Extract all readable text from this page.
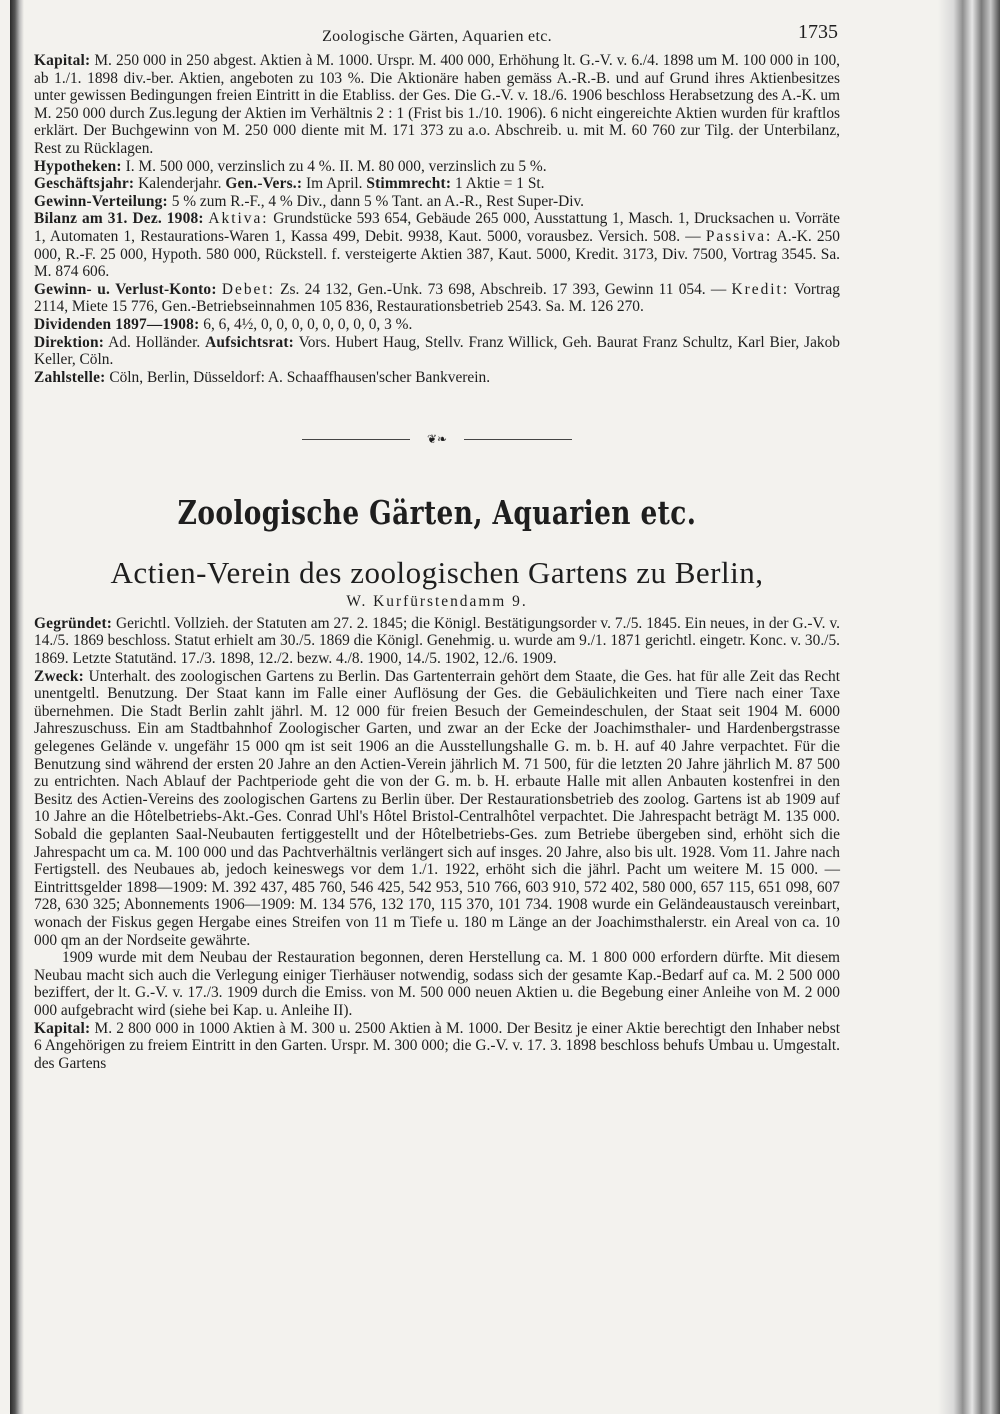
Zoologische Gärten, Aquarien etc.	1735

Kapital: M. 250 000 in 250 abgest. Aktien à M. 1000. Urspr. M. 400 000, Erhöhung lt. G.-V. v. 6./4. 1898 um M. 100 000 in 100, ab 1./1. 1898 div.-ber. Aktien, angeboten zu 103 %. Die Aktionäre haben gemäss A.-R.-B. und auf Grund ihres Aktienbesitzes unter gewissen Bedingungen freien Eintritt in die Etabliss. der Ges. Die G.-V. v. 18./6. 1906 beschloss Herabsetzung des A.-K. um M. 250 000 durch Zus.legung der Aktien im Verhältnis 2 : 1 (Frist bis 1./10. 1906). 6 nicht eingereichte Aktien wurden für kraftlos erklärt. Der Buchgewinn von M. 250 000 diente mit M. 171 373 zu a.o. Abschreib. u. mit M. 60 760 zur Tilg. der Unterbilanz, Rest zu Rücklagen.

Hypotheken: I. M. 500 000, verzinslich zu 4 %. II. M. 80 000, verzinslich zu 5 %.

Geschäftsjahr: Kalenderjahr. Gen.-Vers.: Im April. Stimmrecht: 1 Aktie = 1 St.

Gewinn-Verteilung: 5 % zum R.-F., 4 % Div., dann 5 % Tant. an A.-R., Rest Super-Div.

Bilanz am 31. Dez. 1908: Aktiva: Grundstücke 593 654, Gebäude 265 000, Ausstattung 1, Masch. 1, Drucksachen u. Vorräte 1, Automaten 1, Restaurations-Waren 1, Kassa 499, Debit. 9938, Kaut. 5000, vorausbez. Versich. 508. — Passiva: A.-K. 250 000, R.-F. 25 000, Hypoth. 580 000, Rückstell. f. versteigerte Aktien 387, Kaut. 5000, Kredit. 3173, Div. 7500, Vortrag 3545. Sa. M. 874 606.

Gewinn- u. Verlust-Konto: Debet: Zs. 24 132, Gen.-Unk. 73 698, Abschreib. 17 393, Gewinn 11 054. — Kredit: Vortrag 2114, Miete 15 776, Gen.-Betriebseinnahmen 105 836, Restaurationsbetrieb 2543. Sa. M. 126 270.

Dividenden 1897—1908: 6, 6, 4½, 0, 0, 0, 0, 0, 0, 0, 0, 3 %.

Direktion: Ad. Holländer. Aufsichtsrat: Vors. Hubert Haug, Stellv. Franz Willick, Geh. Baurat Franz Schultz, Karl Bier, Jakob Keller, Cöln.

Zahlstelle: Cöln, Berlin, Düsseldorf: A. Schaaffhausen'scher Bankverein.

❦❧
Zoologische Gärten, Aquarien etc.
Actien-Verein des zoologischen Gartens zu Berlin,
W. Kurfürstendamm 9.

Gegründet: Gerichtl. Vollzieh. der Statuten am 27. 2. 1845; die Königl. Bestätigungsorder v. 7./5. 1845. Ein neues, in der G.-V. v. 14./5. 1869 beschloss. Statut erhielt am 30./5. 1869 die Königl. Genehmig. u. wurde am 9./1. 1871 gerichtl. eingetr. Konc. v. 30./5. 1869. Letzte Statutänd. 17./3. 1898, 12./2. bezw. 4./8. 1900, 14./5. 1902, 12./6. 1909.

Zweck: Unterhalt. des zoologischen Gartens zu Berlin. Das Gartenterrain gehört dem Staate, die Ges. hat für alle Zeit das Recht unentgeltl. Benutzung. Der Staat kann im Falle einer Auflösung der Ges. die Gebäulichkeiten und Tiere nach einer Taxe übernehmen. Die Stadt Berlin zahlt jährl. M. 12 000 für freien Besuch der Gemeindeschulen, der Staat seit 1904 M. 6000 Jahreszuschuss. Ein am Stadtbahnhof Zoologischer Garten, und zwar an der Ecke der Joachimsthaler- und Hardenbergstrasse gelegenes Gelände v. ungefähr 15 000 qm ist seit 1906 an die Ausstellungshalle G. m. b. H. auf 40 Jahre verpachtet. Für die Benutzung sind während der ersten 20 Jahre an den Actien-Verein jährlich M. 71 500, für die letzten 20 Jahre jährlich M. 87 500 zu entrichten. Nach Ablauf der Pachtperiode geht die von der G. m. b. H. erbaute Halle mit allen Anbauten kostenfrei in den Besitz des Actien-Vereins des zoologischen Gartens zu Berlin über. Der Restaurationsbetrieb des zoolog. Gartens ist ab 1909 auf 10 Jahre an die Hôtelbetriebs-Akt.-Ges. Conrad Uhl's Hôtel Bristol-Centralhôtel verpachtet. Die Jahrespacht beträgt M. 135 000. Sobald die geplanten Saal-Neubauten fertiggestellt und der Hôtelbetriebs-Ges. zum Betriebe übergeben sind, erhöht sich die Jahrespacht um ca. M. 100 000 und das Pachtverhältnis verlängert sich auf insges. 20 Jahre, also bis ult. 1928. Vom 11. Jahre nach Fertigstell. des Neubaues ab, jedoch keineswegs vor dem 1./1. 1922, erhöht sich die jährl. Pacht um weitere M. 15 000. — Eintrittsgelder 1898—1909: M. 392 437, 485 760, 546 425, 542 953, 510 766, 603 910, 572 402, 580 000, 657 115, 651 098, 607 728, 630 325; Abonnements 1906—1909: M. 134 576, 132 170, 115 370, 101 734. 1908 wurde ein Geländeaustausch vereinbart, wonach der Fiskus gegen Hergabe eines Streifen von 11 m Tiefe u. 180 m Länge an der Joachimsthalerstr. ein Areal von ca. 10 000 qm an der Nordseite gewährte.

1909 wurde mit dem Neubau der Restauration begonnen, deren Herstellung ca. M. 1 800 000 erfordern dürfte. Mit diesem Neubau macht sich auch die Verlegung einiger Tierhäuser notwendig, sodass sich der gesamte Kap.-Bedarf auf ca. M. 2 500 000 beziffert, der lt. G.-V. v. 17./3. 1909 durch die Emiss. von M. 500 000 neuen Aktien u. die Begebung einer Anleihe von M. 2 000 000 aufgebracht wird (siehe bei Kap. u. Anleihe II).

Kapital: M. 2 800 000 in 1000 Aktien à M. 300 u. 2500 Aktien à M. 1000. Der Besitz je einer Aktie berechtigt den Inhaber nebst 6 Angehörigen zu freiem Eintritt in den Garten. Urspr. M. 300 000; die G.-V. v. 17. 3. 1898 beschloss behufs Umbau u. Umgestalt. des Gartens
